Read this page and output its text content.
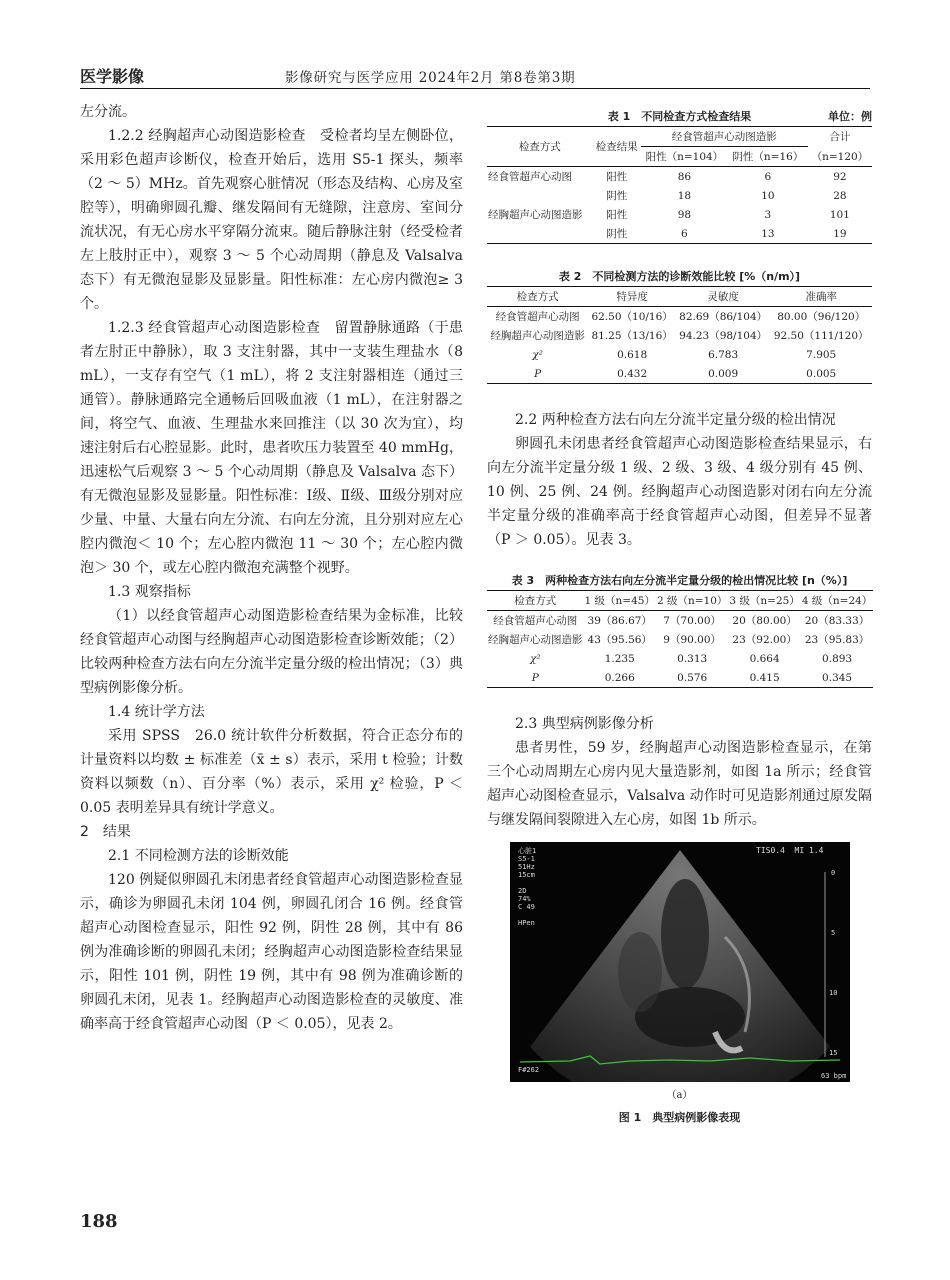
医学影像	影像研究与医学应用 2024年2月 第8卷第3期

左分流。

1.2.2 经胸超声心动图造影检查　受检者均呈左侧卧位，采用彩色超声诊断仪，检查开始后，选用 S5-1 探头，频率（2 ～ 5）MHz。首先观察心脏情况（形态及结构、心房及室腔等），明确卵圆孔瓣、继发隔间有无缝隙，注意房、室间分流状况，有无心房水平穿隔分流束。随后静脉注射（经受检者左上肢肘正中），观察 3 ～ 5 个心动周期（静息及 Valsalva 态下）有无微泡显影及显影量。阳性标准：左心房内微泡≥ 3 个。

1.2.3 经食管超声心动图造影检查　留置静脉通路（于患者左肘正中静脉），取 3 支注射器，其中一支装生理盐水（8 mL），一支存有空气（1 mL），将 2 支注射器相连（通过三通管）。静脉通路完全通畅后回吸血液（1 mL），在注射器之间，将空气、血液、生理盐水来回推注（以 30 次为宜），均速注射后右心腔显影。此时，患者吹压力装置至 40 mmHg，迅速松气后观察 3 ～ 5 个心动周期（静息及 Valsalva 态下）有无微泡显影及显影量。阳性标准：Ⅰ级、Ⅱ级、Ⅲ级分别对应少量、中量、大量右向左分流、右向左分流，且分别对应左心腔内微泡＜ 10 个；左心腔内微泡 11 ～ 30 个；左心腔内微泡＞ 30 个，或左心腔内微泡充满整个视野。

1.3 观察指标

（1）以经食管超声心动图造影检查结果为金标准，比较经食管超声心动图与经胸超声心动图造影检查诊断效能；（2）比较两种检查方法右向左分流半定量分级的检出情况；（3）典型病例影像分析。

1.4 统计学方法

采用 SPSS　26.0 统计软件分析数据，符合正态分布的计量资料以均数 ± 标准差（x̄ ± s）表示，采用 t 检验；计数资料以频数（n）、百分率（%）表示，采用 χ² 检验，P ＜ 0.05 表明差异具有统计学意义。

2　结果

2.1 不同检测方法的诊断效能

120 例疑似卵圆孔未闭患者经食管超声心动图造影检查显示，确诊为卵圆孔未闭 104 例，卵圆孔闭合 16 例。经食管超声心动图检查显示，阳性 92 例，阴性 28 例，其中有 86 例为准确诊断的卵圆孔未闭；经胸超声心动图造影检查结果显示，阳性 101 例，阴性 19 例，其中有 98 例为准确诊断的卵圆孔未闭，见表 1。经胸超声心动图造影检查的灵敏度、准确率高于经食管超声心动图（P ＜ 0.05），见表 2。

表 1　不同检查方式检查结果	单位：例
检查方式	检查结果	经食管超声心动图造影		合计
		阳性（n=104）	阴性（n=16）	（n=120）
经食管超声心动图	阳性	86	6	92
	阴性	18	10	28
经胸超声心动图造影	阳性	98	3	101
	阴性	6	13	19
表 2　不同检测方法的诊断效能比较 [%（n/m）]
检查方式	特异度	灵敏度	准确率
经食管超声心动图	62.50（10/16）	82.69（86/104）	80.00（96/120）
经胸超声心动图造影	81.25（13/16）	94.23（98/104）	92.50（111/120）
χ²	0.618	6.783	7.905
P	0.432	0.009	0.005

2.2 两种检查方法右向左分流半定量分级的检出情况

卵圆孔未闭患者经食管超声心动图造影检查结果显示，右向左分流半定量分级 1 级、2 级、3 级、4 级分别有 45 例、10 例、25 例、24 例。经胸超声心动图造影对闭右向左分流半定量分级的准确率高于经食管超声心动图，但差异不显著（P ＞ 0.05）。见表 3。

表 3　两种检查方法右向左分流半定量分级的检出情况比较 [n（%）]
检查方式	1 级（n=45）	2 级（n=10）	3 级（n=25）	4 级（n=24）
经食管超声心动图	39（86.67）	7（70.00）	20（80.00）	20（83.33）
经胸超声心动图造影	43（95.56）	9（90.00）	23（92.00）	23（95.83）
χ²	1.235	0.313	0.664	0.893
P	0.266	0.576	0.415	0.345

2.3 典型病例影像分析

患者男性，59 岁，经胸超声心动图造影检查显示，在第三个心动周期左心房内见大量造影剂，如图 1a 所示；经食管超声心动图检查显示，Valsalva 动作时可见造影剂通过原发隔与继发隔间裂隙进入左心房，如图 1b 所示。

心脏1
S5-1
51Hz
15cm

2D
74%
C 49

HPen
TIS0.4  MI 1.4
F#262
0
5
10
15
63 bpm
（a）
图 1　典型病例影像表现
188
